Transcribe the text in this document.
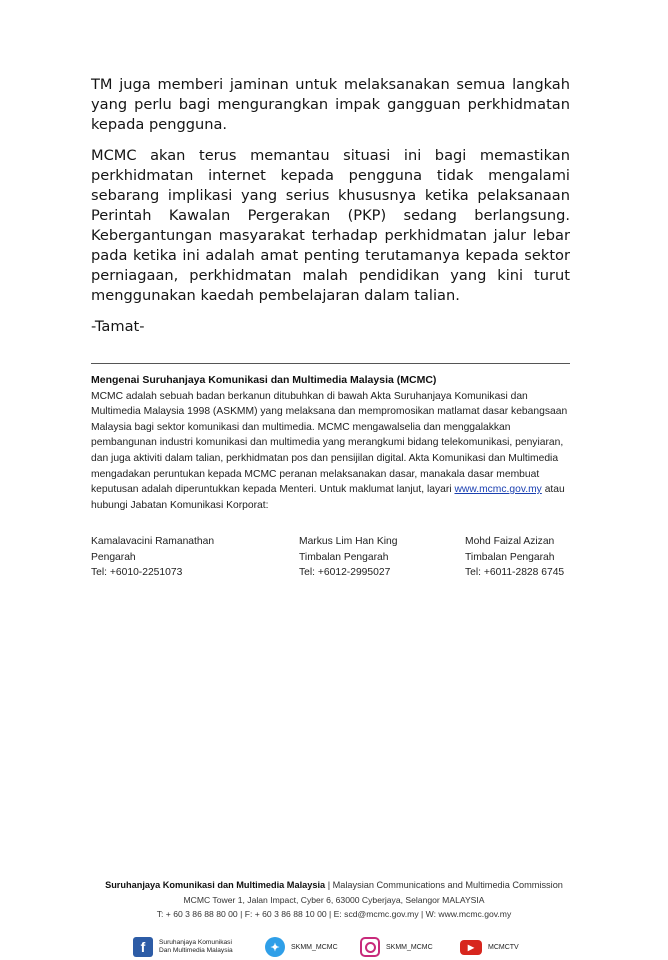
TM juga memberi jaminan untuk melaksanakan semua langkah yang perlu bagi mengurangkan impak gangguan perkhidmatan kepada pengguna.
MCMC akan terus memantau situasi ini bagi memastikan perkhidmatan internet kepada pengguna tidak mengalami sebarang implikasi yang serius khususnya ketika pelaksanaan Perintah Kawalan Pergerakan (PKP) sedang berlangsung. Kebergantungan masyarakat terhadap perkhidmatan jalur lebar pada ketika ini adalah amat penting terutamanya kepada sektor perniagaan, perkhidmatan malah pendidikan yang kini turut menggunakan kaedah pembelajaran dalam talian.
-Tamat-
Mengenai Suruhanjaya Komunikasi dan Multimedia Malaysia (MCMC)
MCMC adalah sebuah badan berkanun ditubuhkan di bawah Akta Suruhanjaya Komunikasi dan Multimedia Malaysia 1998 (ASKMM) yang melaksana dan mempromosikan matlamat dasar kebangsaan Malaysia bagi sektor komunikasi dan multimedia. MCMC mengawalselia dan menggalakkan pembangunan industri komunikasi dan multimedia yang merangkumi bidang telekomunikasi, penyiaran, dan juga aktiviti dalam talian, perkhidmatan pos dan pensijilan digital. Akta Komunikasi dan Multimedia mengadakan peruntukan kepada MCMC peranan melaksanakan dasar, manakala dasar membuat keputusan adalah diperuntukkan kepada Menteri. Untuk maklumat lanjut, layari www.mcmc.gov.my atau hubungi Jabatan Komunikasi Korporat:
Kamalavacini Ramanathan
Pengarah
Tel: +6010-2251073
Markus Lim Han King
Timbalan Pengarah
Tel: +6012-2995027
Mohd Faizal Azizan
Timbalan Pengarah
Tel: +6011-2828 6745
Suruhanjaya Komunikasi dan Multimedia Malaysia | Malaysian Communications and Multimedia Commission
MCMC Tower 1, Jalan Impact, Cyber 6, 63000 Cyberjaya, Selangor MALAYSIA
T: + 60 3 86 88 80 00 | F: + 60 3 86 88 10 00 | E: scd@mcmc.gov.my | W: www.mcmc.gov.my
f	Suruhanjaya Komunikasi
Dan Multimedia Malaysia	✦	SKMM_MCMC	SKMM_MCMC	▶	MCMCTV
